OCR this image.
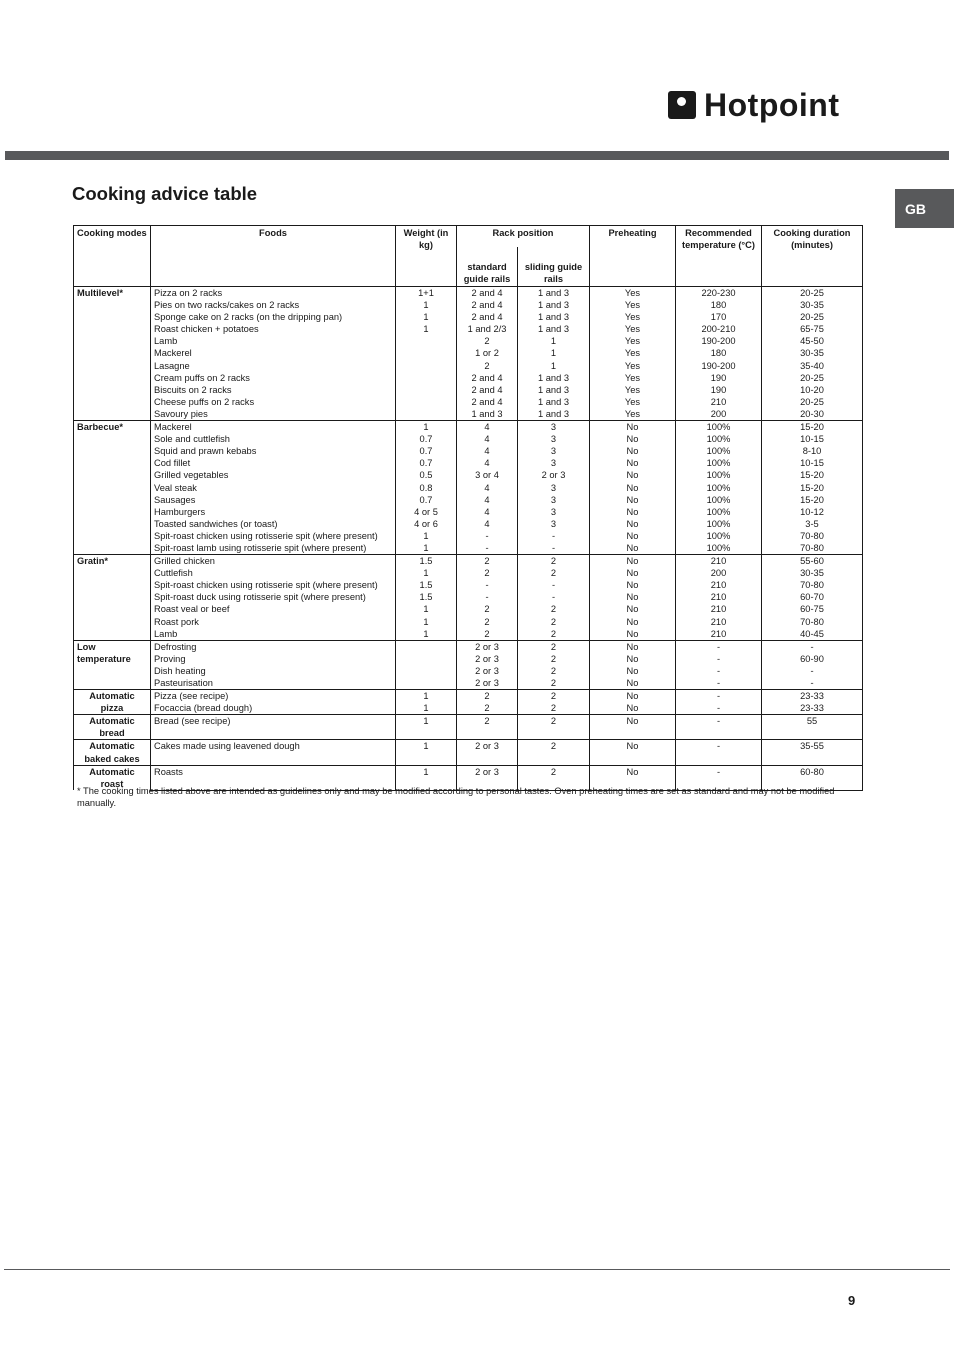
Hotpoint
Cooking advice table
GB
Cooking modes	Foods	Weight (in kg)	Rack position		Preheating	Recommended temperature (°C)	Cooking duration (minutes)
			standard guide rails	sliding guide rails			
Multilevel*	Pizza on 2 racks	1+1	2 and 4	1 and 3	Yes	220-230	20-25
	Pies on two racks/cakes on 2 racks	1	2 and 4	1 and 3	Yes	180	30-35
	Sponge cake on 2 racks (on the dripping pan)	1	2 and 4	1 and 3	Yes	170	20-25
	Roast chicken + potatoes	1	1 and 2/3	1 and 3	Yes	200-210	65-75
	Lamb		2	1	Yes	190-200	45-50
	Mackerel		1 or 2	1	Yes	180	30-35
	Lasagne		2	1	Yes	190-200	35-40
	Cream puffs on 2 racks		2 and 4	1 and 3	Yes	190	20-25
	Biscuits on 2 racks		2 and 4	1 and 3	Yes	190	10-20
	Cheese puffs on 2 racks		2 and 4	1 and 3	Yes	210	20-25
	Savoury pies		1 and 3	1 and 3	Yes	200	20-30
Barbecue*	Mackerel	1	4	3	No	100%	15-20
	Sole and cuttlefish	0.7	4	3	No	100%	10-15
	Squid and prawn kebabs	0.7	4	3	No	100%	8-10
	Cod fillet	0.7	4	3	No	100%	10-15
	Grilled vegetables	0.5	3 or 4	2 or 3	No	100%	15-20
	Veal steak	0.8	4	3	No	100%	15-20
	Sausages	0.7	4	3	No	100%	15-20
	Hamburgers	4 or 5	4	3	No	100%	10-12
	Toasted sandwiches (or toast)	4 or 6	4	3	No	100%	3-5
	Spit-roast chicken using rotisserie spit (where present)	1	-	-	No	100%	70-80
	Spit-roast lamb using rotisserie spit (where present)	1	-	-	No	100%	70-80
Gratin*	Grilled chicken	1.5	2	2	No	210	55-60
	Cuttlefish	1	2	2	No	200	30-35
	Spit-roast chicken using rotisserie spit (where present)	1.5	-	-	No	210	70-80
	Spit-roast duck using rotisserie spit (where present)	1.5	-	-	No	210	60-70
	Roast veal or beef	1	2	2	No	210	60-75
	Roast pork	1	2	2	No	210	70-80
	Lamb	1	2	2	No	210	40-45
Low temperature	Defrosting		2 or 3	2	No	-	-
	Proving		2 or 3	2	No	-	60-90
	Dish heating		2 or 3	2	No	-	-
	Pasteurisation		2 or 3	2	No	-	-
Automatic pizza	Pizza (see recipe)	1	2	2	No	-	23-33
	Focaccia (bread dough)	1	2	2	No	-	23-33
Automatic bread	Bread (see recipe)	1	2	2	No	-	55

Automatic baked cakes	Cakes made using leavened dough	1	2 or 3	2	No	-	35-55

Automatic roast	Roasts	1	2 or 3	2	No	-	60-80

* The cooking times listed above are intended as guidelines only and may be modified according to personal tastes. Oven preheating times are set as standard and may not be modified manually.
9
